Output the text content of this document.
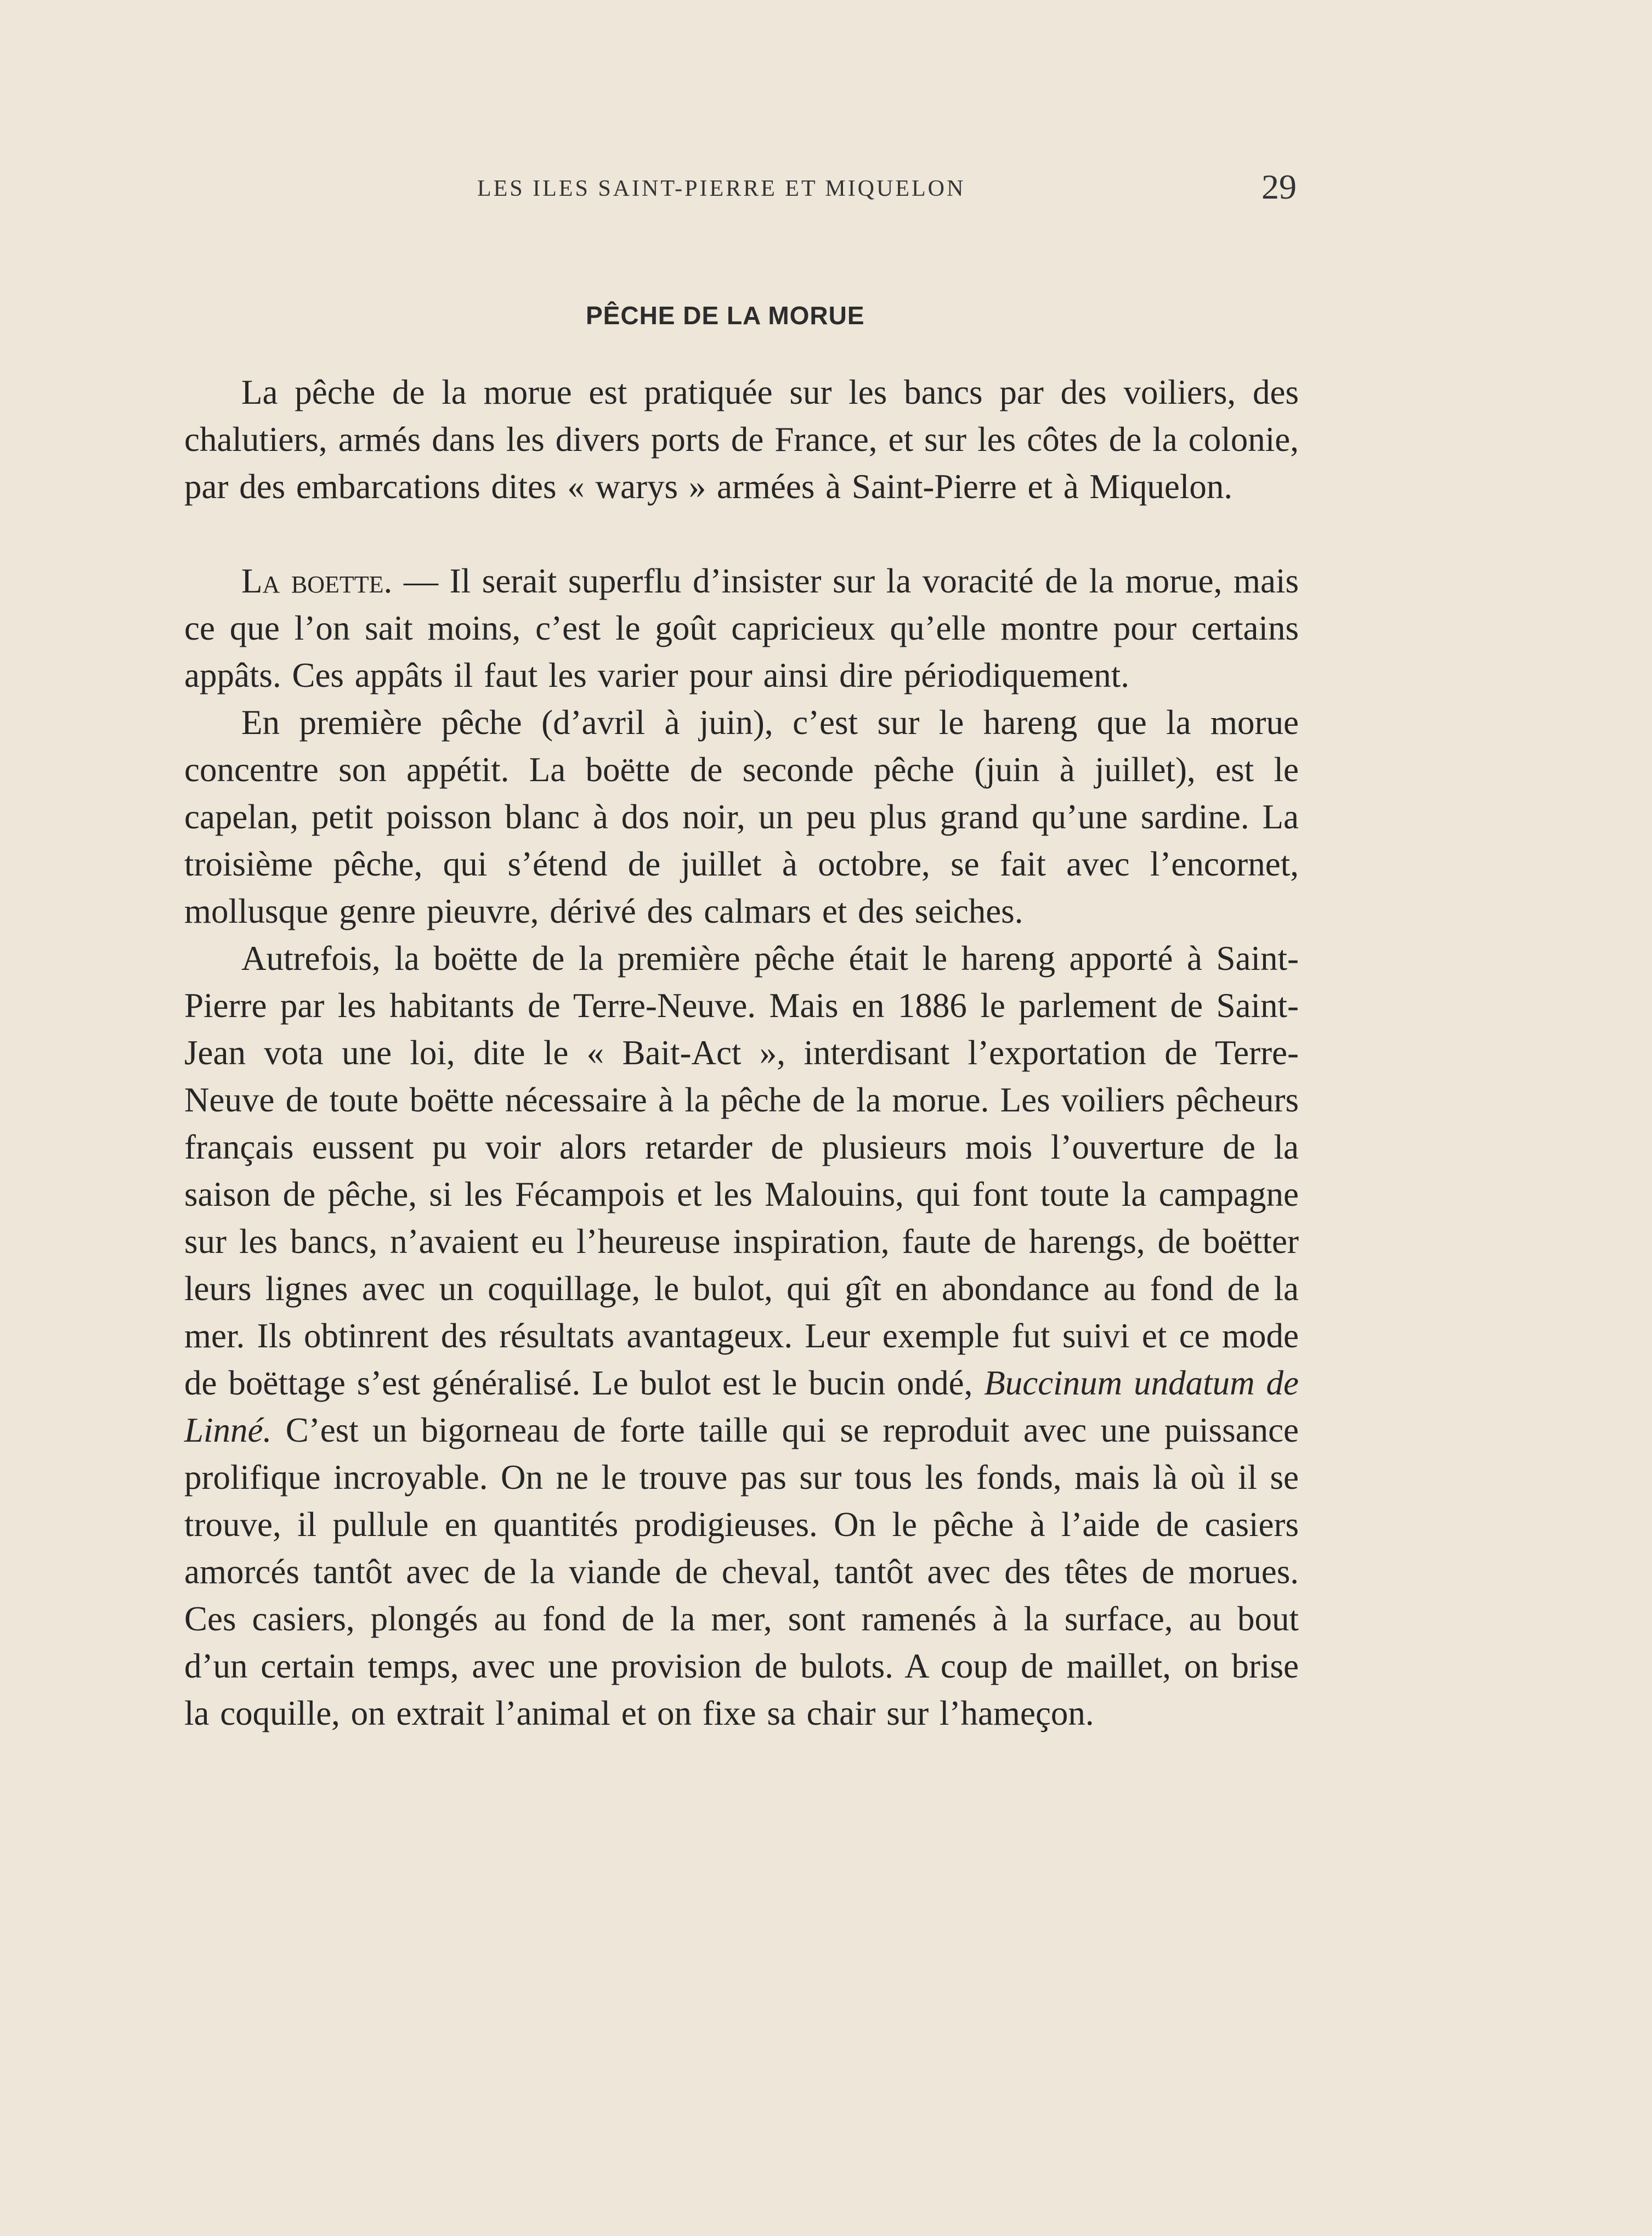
LES ILES SAINT-PIERRE ET MIQUELON	29
PÊCHE DE LA MORUE

La pêche de la morue est pratiquée sur les bancs par des voiliers, des chalutiers, armés dans les divers ports de France, et sur les côtes de la colonie, par des embarcations dites « warys » armées à Saint-Pierre et à Miquelon.

La boette. — Il serait superflu d’insister sur la voracité de la morue, mais ce que l’on sait moins, c’est le goût capricieux qu’elle montre pour certains appâts. Ces appâts il faut les varier pour ainsi dire périodiquement.

En première pêche (d’avril à juin), c’est sur le hareng que la morue concentre son appétit. La boëtte de seconde pêche (juin à juillet), est le capelan, petit poisson blanc à dos noir, un peu plus grand qu’une sardine. La troisième pêche, qui s’étend de juillet à octobre, se fait avec l’encornet, mollusque genre pieuvre, dérivé des calmars et des seiches.

Autrefois, la boëtte de la première pêche était le hareng apporté à Saint-Pierre par les habitants de Terre-Neuve. Mais en 1886 le parlement de Saint-Jean vota une loi, dite le « Bait-Act », interdisant l’exportation de Terre-Neuve de toute boëtte nécessaire à la pêche de la morue. Les voiliers pêcheurs français eussent pu voir alors retarder de plusieurs mois l’ouverture de la saison de pêche, si les Fécampois et les Malouins, qui font toute la campagne sur les bancs, n’avaient eu l’heureuse inspiration, faute de harengs, de boëtter leurs lignes avec un coquillage, le bulot, qui gît en abondance au fond de la mer. Ils obtinrent des résultats avantageux. Leur exemple fut suivi et ce mode de boëttage s’est généralisé. Le bulot est le bucin ondé, Buccinum undatum de Linné. C’est un bigorneau de forte taille qui se reproduit avec une puissance prolifique incroyable. On ne le trouve pas sur tous les fonds, mais là où il se trouve, il pullule en quantités prodigieuses. On le pêche à l’aide de casiers amorcés tantôt avec de la viande de cheval, tantôt avec des têtes de morues. Ces casiers, plongés au fond de la mer, sont ramenés à la surface, au bout d’un certain temps, avec une provision de bulots. A coup de maillet, on brise la coquille, on extrait l’animal et on fixe sa chair sur l’hameçon.
